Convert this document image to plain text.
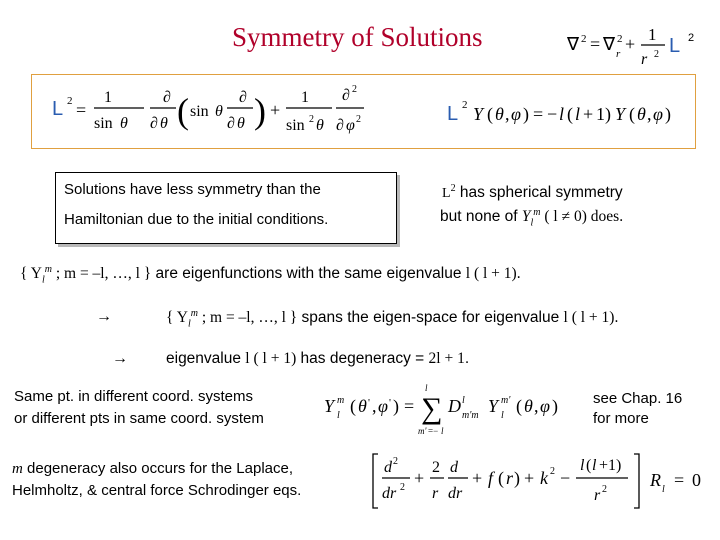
Symmetry of Solutions	∇ 2 = ∇ 2
r + 1
r 2 L 2
L 2 =
1
sin θ
∂
∂ θ ( sin θ
∂
∂ θ ) +
1
sin 2 θ
∂ 2
∂ φ 2	L 2 Y ( θ , φ ) = − l ( l + 1 ) Y ( θ , φ )
Solutions have less symmetry than the
Hamiltonian due to the initial conditions.
$L^2$ has spherical symmetry
but none of $Y_l^m$ ( l ≠ 0) does.
{ $Y_l^m$ ; m = –l, …, l } are eigenfunctions with the same eigenvalue l ( l + 1).
→	{ $Y_l^m$ ; m = –l, …, l } spans the eigen-space for eigenvalue l ( l + 1).
→ eigenvalue l ( l + 1) has degeneracy = 2l + 1.
Same pt. in different coord. systems
or different pts in same coord. system
Y m
l ( θ ' , φ ' ) = ∑
l
m' =− l
D l
m'm Y m'
l ( θ , φ ) see Chap. 16
for more
m degeneracy also occurs for the Laplace,
Helmholtz, & central force Schrodinger eqs.
d 2
dr 2 +
2
r
d
dr
+ f ( r ) + k 2 −
l ( l +1)
r 2 R l = 0
